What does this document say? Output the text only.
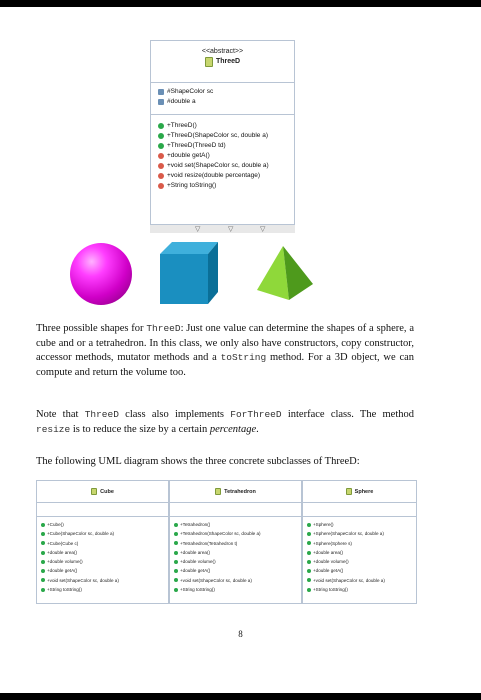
<<abstract>>
ThreeD
#ShapeColor sc
#double a
+ThreeD()
+ThreeD(ShapeColor sc, double a)
+ThreeD(ThreeD td)
+double getA()
+void set(ShapeColor sc, double a)
+void resize(double percentage)
+String toString()
▽	▽	▽
Three possible shapes for ThreeD: Just one value can determine the shapes of a sphere, a cube and or a tetrahedron. In this class, we only also have constructors, copy constructor, accessor methods, mutator methods and a toString method. For a 3D object, we can compute and return the volume too.
Note that ThreeD class also implements ForThreeD interface class. The method resize is to reduce the size by a certain percentage.
The following UML diagram shows the three concrete subclasses of ThreeD:
Cube
+Cube()
+Cube(ShapeColor sc, double a)
+Cube(Cube c)
+double area()
+double volume()
+double getA()
+void set(ShapeColor sc, double a)
+String toString()
Tetrahedron
+Tetrahedron()
+Tetrahedron(ShapeColor sc, double a)
+Tetrahedron(Tetrahedron t)
+double area()
+double volume()
+double getA()
+void set(ShapeColor sc, double a)
+String toString()
Sphere
+Sphere()
+Sphere(ShapeColor sc, double a)
+Sphere(Sphere s)
+double area()
+double volume()
+double getA()
+void set(ShapeColor sc, double a)
+String toString()
8
